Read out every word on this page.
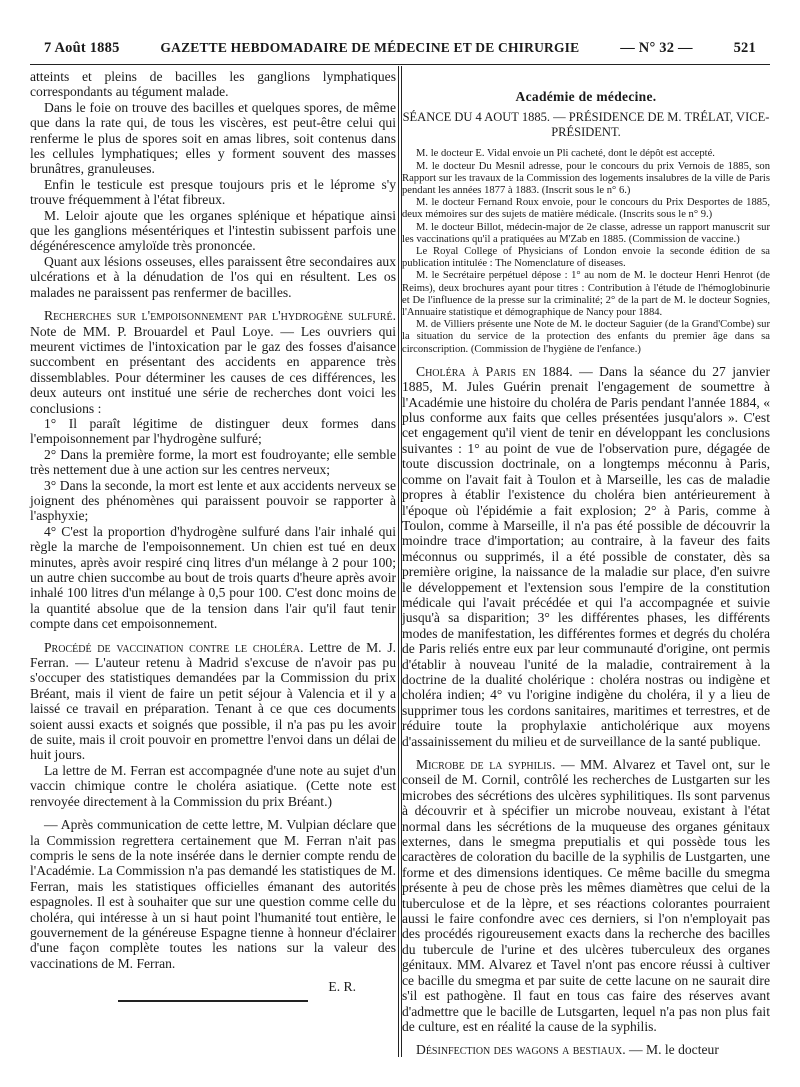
7 Août 1885	GAZETTE HEBDOMADAIRE DE MÉDECINE ET DE CHIRURGIE	— N° 32 —	521

atteints et pleins de bacilles les ganglions lymphatiques correspondants au tégument malade.

Dans le foie on trouve des bacilles et quelques spores, de même que dans la rate qui, de tous les viscères, est peut-être celui qui renferme le plus de spores soit en amas libres, soit contenus dans les cellules lymphatiques; elles y forment souvent des masses brunâtres, granuleuses.

Enfin le testicule est presque toujours pris et le léprome s'y trouve fréquemment à l'état fibreux.

M. Leloir ajoute que les organes splénique et hépatique ainsi que les ganglions mésentériques et l'intestin subissent parfois une dégénérescence amyloïde très prononcée.

Quant aux lésions osseuses, elles paraissent être secondaires aux ulcérations et à la dénudation de l'os qui en résultent. Les os malades ne paraissent pas renfermer de bacilles.

Recherches sur l'empoisonnement par l'hydrogène sulfuré. Note de MM. P. Brouardel et Paul Loye. — Les ouvriers qui meurent victimes de l'intoxication par le gaz des fosses d'aisance succombent en présentant des accidents en apparence très dissemblables. Pour déterminer les causes de ces différences, les deux auteurs ont institué une série de recherches dont voici les conclusions :

1° Il paraît légitime de distinguer deux formes dans l'empoisonnement par l'hydrogène sulfuré;

2° Dans la première forme, la mort est foudroyante; elle semble très nettement due à une action sur les centres nerveux;

3° Dans la seconde, la mort est lente et aux accidents nerveux se joignent des phénomènes qui paraissent pouvoir se rapporter à l'asphyxie;

4° C'est la proportion d'hydrogène sulfuré dans l'air inhalé qui règle la marche de l'empoisonnement. Un chien est tué en deux minutes, après avoir respiré cinq litres d'un mélange à 2 pour 100; un autre chien succombe au bout de trois quarts d'heure après avoir inhalé 100 litres d'un mélange à 0,5 pour 100. C'est donc moins de la quantité absolue que de la tension dans l'air qu'il faut tenir compte dans cet empoisonnement.

Procédé de vaccination contre le choléra. Lettre de M. J. Ferran. — L'auteur retenu à Madrid s'excuse de n'avoir pas pu s'occuper des statistiques demandées par la Commission du prix Bréant, mais il vient de faire un petit séjour à Valencia et il y a laissé ce travail en préparation. Tenant à ce que ces documents soient aussi exacts et soignés que possible, il n'a pas pu les avoir de suite, mais il croit pouvoir en promettre l'envoi dans un délai de huit jours.

La lettre de M. Ferran est accompagnée d'une note au sujet d'un vaccin chimique contre le choléra asiatique. (Cette note est renvoyée directement à la Commission du prix Bréant.)

— Après communication de cette lettre, M. Vulpian déclare que la Commission regrettera certainement que M. Ferran n'ait pas compris le sens de la note insérée dans le dernier compte rendu de l'Académie. La Commission n'a pas demandé les statistiques de M. Ferran, mais les statistiques officielles émanant des autorités espagnoles. Il est à souhaiter que sur une question comme celle du choléra, qui intéresse à un si haut point l'humanité tout entière, le gouvernement de la généreuse Espagne tienne à honneur d'éclairer d'une façon complète toutes les nations sur la valeur des vaccinations de M. Ferran.

E. R.

Académie de médecine.

SÉANCE DU 4 AOUT 1885. — PRÉSIDENCE DE M. TRÉLAT, VICE-PRÉSIDENT.

M. le docteur E. Vidal envoie un Pli cacheté, dont le dépôt est accepté.

M. le docteur Du Mesnil adresse, pour le concours du prix Vernois de 1885, son Rapport sur les travaux de la Commission des logements insalubres de la ville de Paris pendant les années 1877 à 1883. (Inscrit sous le n° 6.)

M. le docteur Fernand Roux envoie, pour le concours du Prix Desportes de 1885, deux mémoires sur des sujets de matière médicale. (Inscrits sous le n° 9.)

M. le docteur Billot, médecin-major de 2e classe, adresse un rapport manuscrit sur les vaccinations qu'il a pratiquées au M'Zab en 1885. (Commission de vaccine.)

Le Royal College of Physicians of London envoie la seconde édition de sa publication intitulée : The Nomenclature of diseases.

M. le Secrétaire perpétuel dépose : 1° au nom de M. le docteur Henri Henrot (de Reims), deux brochures ayant pour titres : Contribution à l'étude de l'hémoglobinurie et De l'influence de la presse sur la criminalité; 2° de la part de M. le docteur Sognies, l'Annuaire statistique et démographique de Nancy pour 1884.

M. de Villiers présente une Note de M. le docteur Saguier (de la Grand'Combe) sur la situation du service de la protection des enfants du premier âge dans sa circonscription. (Commission de l'hygiène de l'enfance.)

Choléra à Paris en 1884. — Dans la séance du 27 janvier 1885, M. Jules Guérin prenait l'engagement de soumettre à l'Académie une histoire du choléra de Paris pendant l'année 1884, « plus conforme aux faits que celles présentées jusqu'alors ». C'est cet engagement qu'il vient de tenir en développant les conclusions suivantes : 1° au point de vue de l'observation pure, dégagée de toute discussion doctrinale, on a longtemps méconnu à Paris, comme on l'avait fait à Toulon et à Marseille, les cas de maladie propres à établir l'existence du choléra bien antérieurement à l'époque où l'épidémie a fait explosion; 2° à Paris, comme à Toulon, comme à Marseille, il n'a pas été possible de découvrir la moindre trace d'importation; au contraire, à la faveur des faits méconnus ou supprimés, il a été possible de constater, dès sa première origine, la naissance de la maladie sur place, d'en suivre le développement et l'extension sous l'empire de la constitution médicale qui l'avait précédée et qui l'a accompagnée et suivie jusqu'à sa disparition; 3° les différentes phases, les différents modes de manifestation, les différentes formes et degrés du choléra de Paris reliés entre eux par leur communauté d'origine, ont permis d'établir à nouveau l'unité de la maladie, contrairement à la doctrine de la dualité cholérique : choléra nostras ou indigène et choléra indien; 4° vu l'origine indigène du choléra, il y a lieu de supprimer tous les cordons sanitaires, maritimes et terrestres, et de réduire toute la prophylaxie anticholérique aux moyens d'assainissement du milieu et de surveillance de la santé publique.

Microbe de la syphilis. — MM. Alvarez et Tavel ont, sur le conseil de M. Cornil, contrôlé les recherches de Lustgarten sur les microbes des sécrétions des ulcères syphilitiques. Ils sont parvenus à découvrir et à spécifier un microbe nouveau, existant à l'état normal dans les sécrétions de la muqueuse des organes génitaux externes, dans le smegma preputialis et qui possède tous les caractères de coloration du bacille de la syphilis de Lustgarten, une forme et des dimensions identiques. Ce même bacille du smegma présente à peu de chose près les mêmes diamètres que celui de la tuberculose et de la lèpre, et ses réactions colorantes pourraient aussi le faire confondre avec ces derniers, si l'on n'employait pas des procédés rigoureusement exacts dans la recherche des bacilles du tubercule de l'urine et des ulcères tuberculeux des organes génitaux. MM. Alvarez et Tavel n'ont pas encore réussi à cultiver ce bacille du smegma et par suite de cette lacune on ne saurait dire s'il est pathogène. Il faut en tous cas faire des réserves avant d'admettre que le bacille de Lutsgarten, lequel n'a pas non plus fait de culture, est en réalité la cause de la syphilis.

Désinfection des wagons a bestiaux. — M. le docteur
